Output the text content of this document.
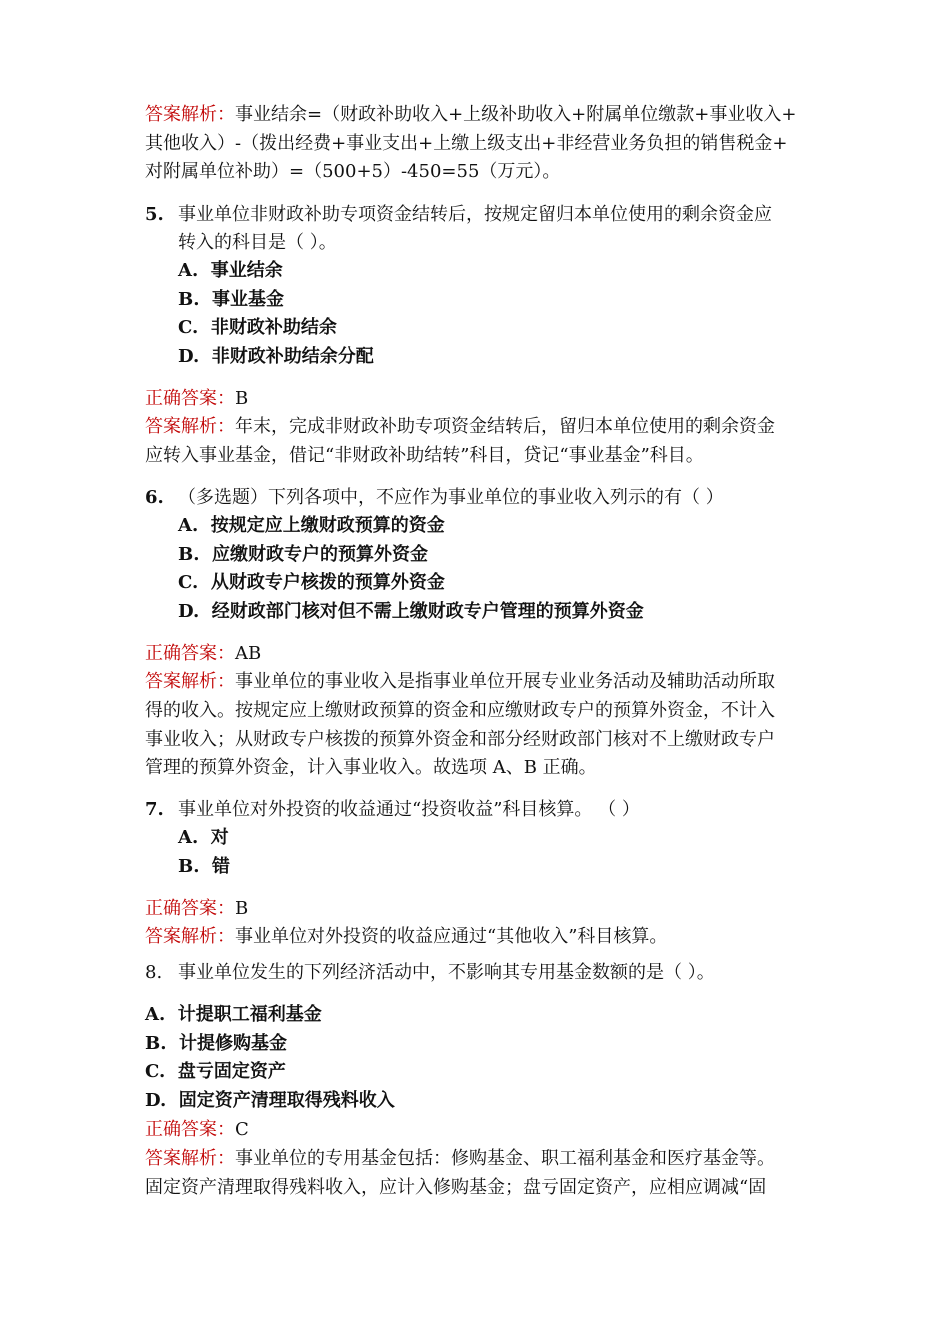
答案解析：事业结余=（财政补助收入+上级补助收入+附属单位缴款+事业收入+
其他收入）-（拨出经费+事业支出+上缴上级支出+非经营业务负担的销售税金+
对附属单位补助）=（500+5）-450=55（万元）。
5. 事业单位非财政补助专项资金结转后，按规定留归本单位使用的剩余资金应
转入的科目是（ ）。
A. 事业结余
B. 事业基金
C. 非财政补助结余
D. 非财政补助结余分配
正确答案：B
答案解析：年末，完成非财政补助专项资金结转后，留归本单位使用的剩余资金
应转入事业基金，借记“非财政补助结转”科目，贷记“事业基金”科目。
6. （多选题）下列各项中，不应作为事业单位的事业收入列示的有（ ）
A. 按规定应上缴财政预算的资金
B. 应缴财政专户的预算外资金
C. 从财政专户核拨的预算外资金
D. 经财政部门核对但不需上缴财政专户管理的预算外资金
正确答案：AB
答案解析：事业单位的事业收入是指事业单位开展专业业务活动及辅助活动所取
得的收入。按规定应上缴财政预算的资金和应缴财政专户的预算外资金，不计入
事业收入；从财政专户核拨的预算外资金和部分经财政部门核对不上缴财政专户
管理的预算外资金，计入事业收入。故选项 A、B 正确。
7. 事业单位对外投资的收益通过“投资收益”科目核算。 （ ）
A. 对
B. 错
正确答案：B
答案解析：事业单位对外投资的收益应通过“其他收入”科目核算。
8. 事业单位发生的下列经济活动中，不影响其专用基金数额的是（ ）。
A. 计提职工福利基金
B. 计提修购基金
C. 盘亏固定资产
D. 固定资产清理取得残料收入
正确答案：C
答案解析：事业单位的专用基金包括：修购基金、职工福利基金和医疗基金等。
固定资产清理取得残料收入，应计入修购基金；盘亏固定资产，应相应调减“固
